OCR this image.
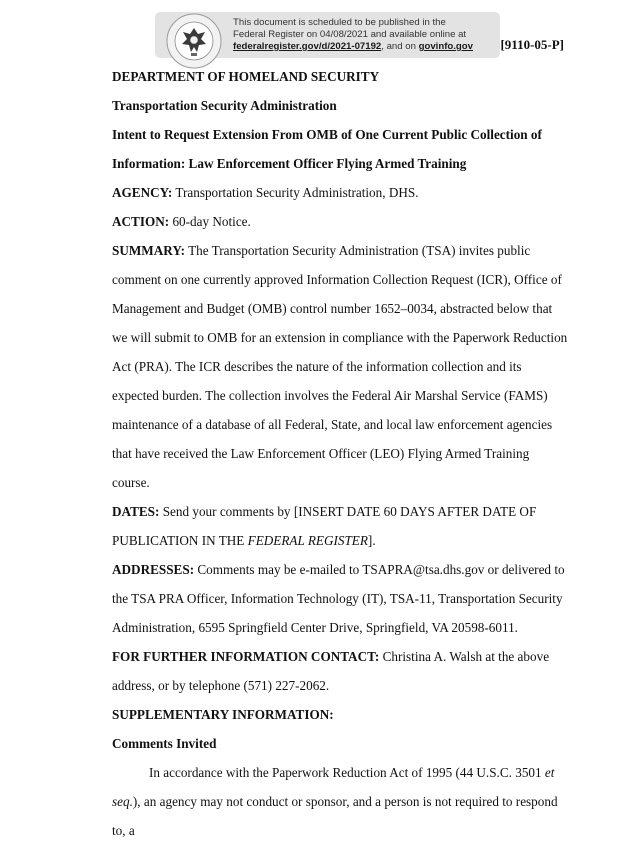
This document is scheduled to be published in the
Federal Register on 04/08/2021 and available online at
federalregister.gov/d/2021-07192, and on govinfo.gov	[9110-05-P]

DEPARTMENT OF HOMELAND SECURITY

Transportation Security Administration

Intent to Request Extension From OMB of One Current Public Collection of

Information: Law Enforcement Officer Flying Armed Training

AGENCY: Transportation Security Administration, DHS.

ACTION: 60-day Notice.

SUMMARY: The Transportation Security Administration (TSA) invites public comment on one currently approved Information Collection Request (ICR), Office of Management and Budget (OMB) control number 1652–0034, abstracted below that we will submit to OMB for an extension in compliance with the Paperwork Reduction Act (PRA). The ICR describes the nature of the information collection and its expected burden. The collection involves the Federal Air Marshal Service (FAMS) maintenance of a database of all Federal, State, and local law enforcement agencies that have received the Law Enforcement Officer (LEO) Flying Armed Training course.

DATES: Send your comments by [INSERT DATE 60 DAYS AFTER DATE OF PUBLICATION IN THE FEDERAL REGISTER].

ADDRESSES: Comments may be e-mailed to TSAPRA@tsa.dhs.gov or delivered to the TSA PRA Officer, Information Technology (IT), TSA-11, Transportation Security Administration, 6595 Springfield Center Drive, Springfield, VA 20598-6011.

FOR FURTHER INFORMATION CONTACT: Christina A. Walsh at the above address, or by telephone (571) 227-2062.

SUPPLEMENTARY INFORMATION:

Comments Invited

In accordance with the Paperwork Reduction Act of 1995 (44 U.S.C. 3501 et seq.), an agency may not conduct or sponsor, and a person is not required to respond to, a
